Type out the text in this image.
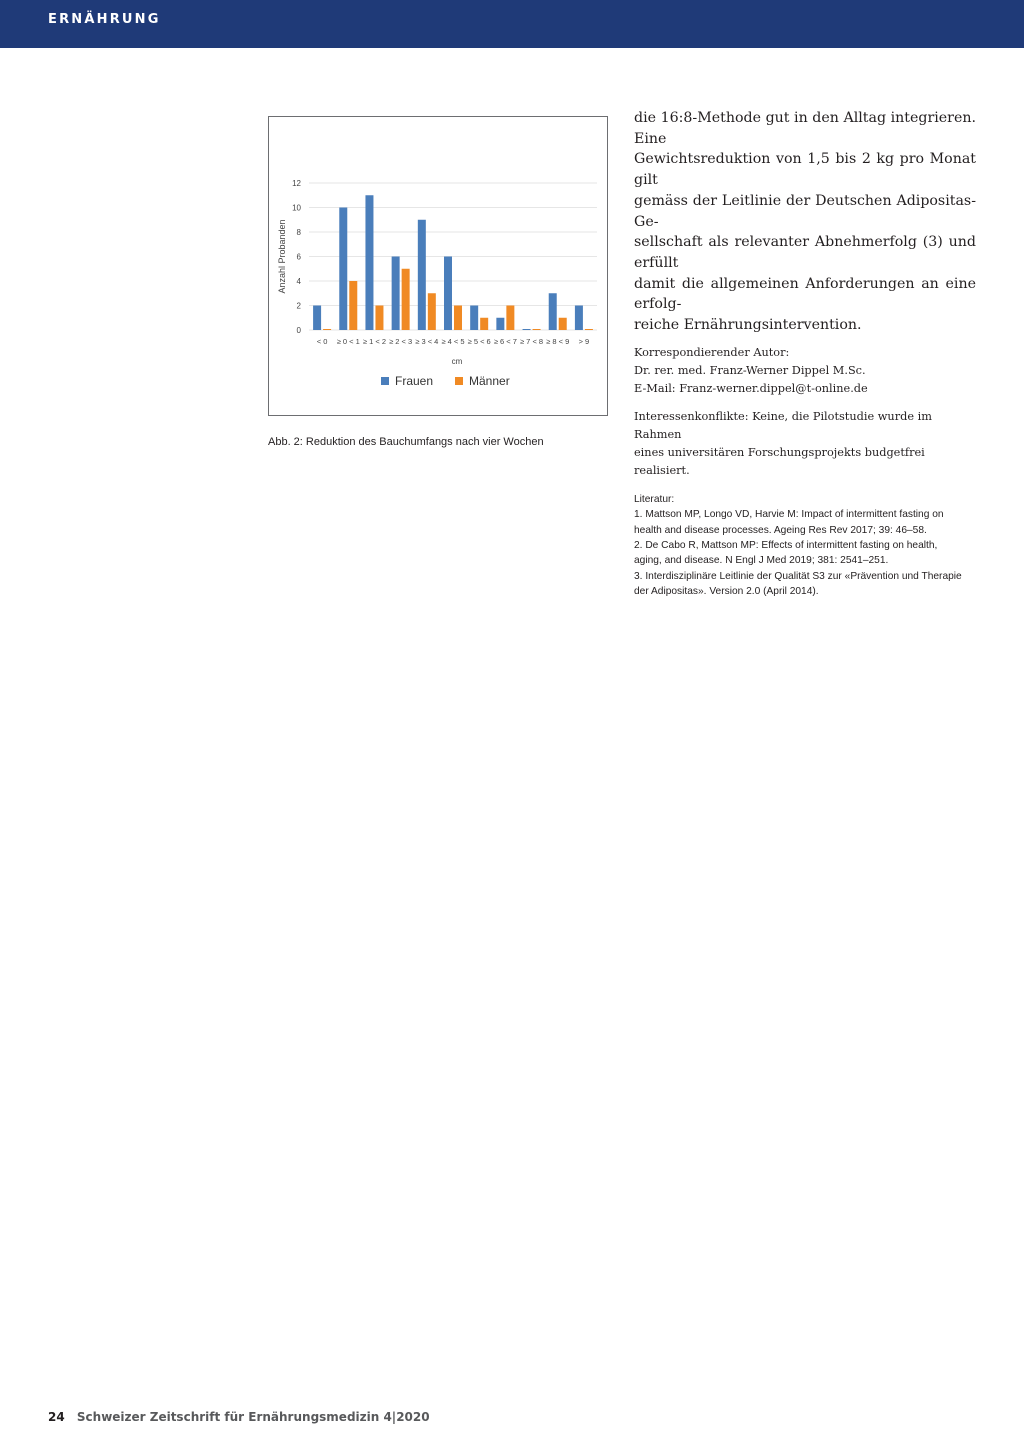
ERNÄHRUNG
0
2
4
6
8
10
12
Anzahl Probanden
< 0 ≥ 0 < 1 ≥ 1 < 2 ≥ 2 < 3 ≥ 3 < 4 ≥ 4 < 5 ≥ 5 < 6 ≥ 6 < 7 ≥ 7 < 8 ≥ 8 < 9 > 9
cm
Frauen	Männer
Abb. 2: Reduktion des Bauchumfangs nach vier Wochen

die 16:8-Methode gut in den Alltag integrieren. Eine
Gewichtsreduktion von 1,5 bis 2 kg pro Monat gilt
gemäss der Leitlinie der Deutschen Adipositas-Ge-
sellschaft als relevanter Abnehmerfolg (3) und erfüllt
damit die allgemeinen Anforderungen an eine erfolg-
reiche Ernährungsintervention.

Korrespondierender Autor:
Dr. rer. med. Franz-Werner Dippel M.Sc.
E-Mail: Franz-werner.dippel@t-online.de
Interessenkonflikte: Keine, die Pilotstudie wurde im Rahmen
eines universitären Forschungsprojekts budgetfrei realisiert.
Literatur:
1. Mattson MP, Longo VD, Harvie M: Impact of intermittent fasting on
health and disease processes. Ageing Res Rev 2017; 39: 46–58.
2. De Cabo R, Mattson MP: Effects of intermittent fasting on health,
aging, and disease. N Engl J Med 2019; 381: 2541–251.
3. Interdisziplinäre Leitlinie der Qualität S3 zur «Prävention und Therapie
der Adipositas». Version 2.0 (April 2014).
24 Schweizer Zeitschrift für Ernährungsmedizin 4|2020
